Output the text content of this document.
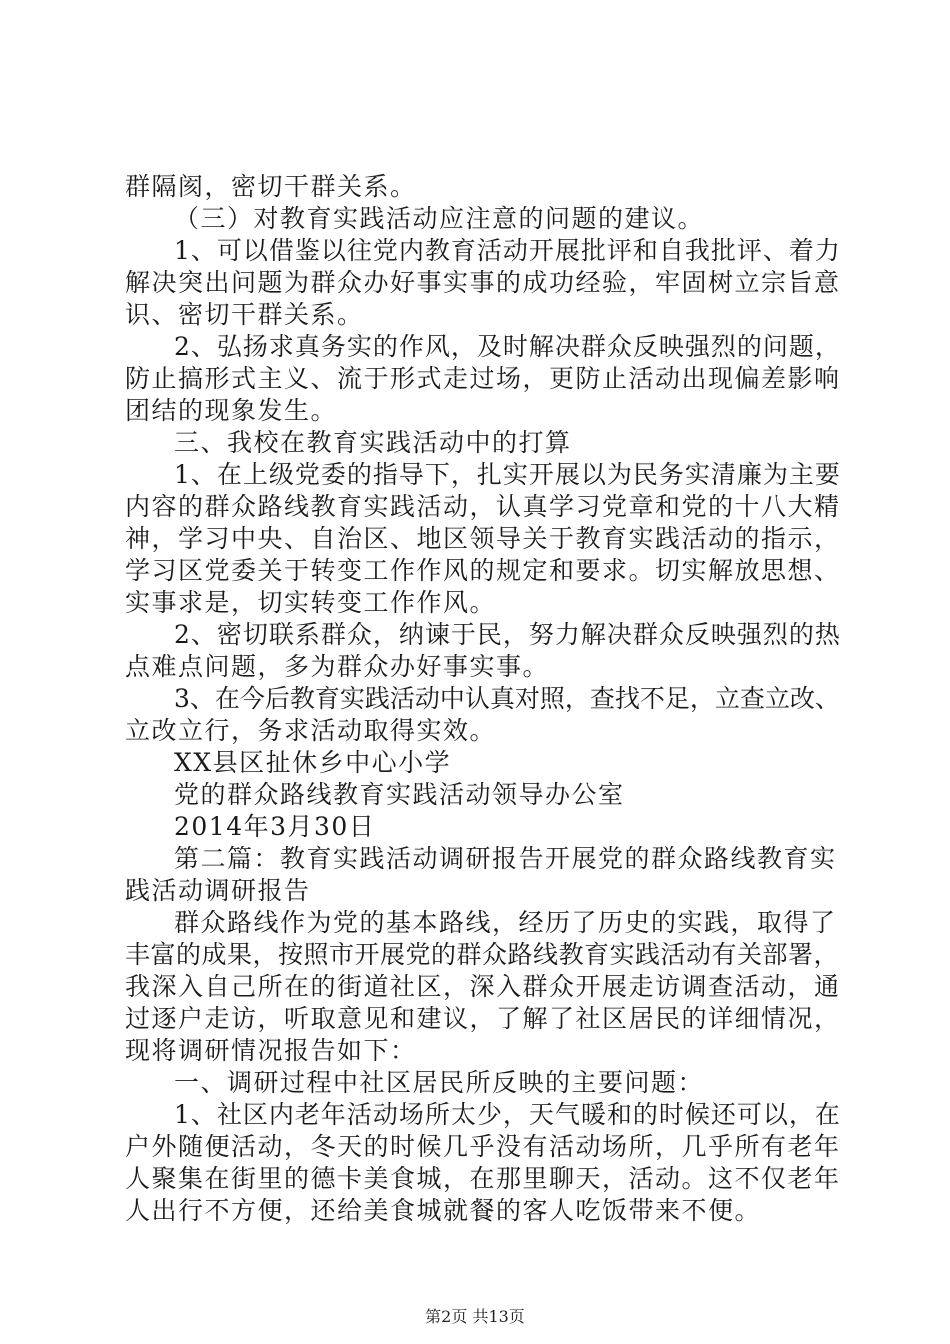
群隔阂，密切干群关系。
（三）对教育实践活动应注意的问题的建议。
1、可以借鉴以往党内教育活动开展批评和自我批评、着力
解决突出问题为群众办好事实事的成功经验，牢固树立宗旨意
识、密切干群关系。
2、弘扬求真务实的作风，及时解决群众反映强烈的问题，
防止搞形式主义、流于形式走过场，更防止活动出现偏差影响
团结的现象发生。
三、我校在教育实践活动中的打算
1、在上级党委的指导下，扎实开展以为民务实清廉为主要
内容的群众路线教育实践活动，认真学习党章和党的十八大精
神，学习中央、自治区、地区领导关于教育实践活动的指示，
学习区党委关于转变工作作风的规定和要求。切实解放思想、
实事求是，切实转变工作作风。
2、密切联系群众，纳谏于民，努力解决群众反映强烈的热
点难点问题，多为群众办好事实事。
3、在今后教育实践活动中认真对照，查找不足，立查立改、
立改立行，务求活动取得实效。
XX县区扯休乡中心小学
党的群众路线教育实践活动领导办公室
2014年3月30日
第二篇：教育实践活动调研报告开展党的群众路线教育实
践活动调研报告
群众路线作为党的基本路线，经历了历史的实践，取得了
丰富的成果，按照市开展党的群众路线教育实践活动有关部署，
我深入自己所在的街道社区，深入群众开展走访调查活动，通
过逐户走访，听取意见和建议，了解了社区居民的详细情况，
现将调研情况报告如下：
一、调研过程中社区居民所反映的主要问题：
1、社区内老年活动场所太少，天气暖和的时候还可以，在
户外随便活动，冬天的时候几乎没有活动场所，几乎所有老年
人聚集在街里的德卡美食城，在那里聊天，活动。这不仅老年
人出行不方便，还给美食城就餐的客人吃饭带来不便。
第2页 共13页
